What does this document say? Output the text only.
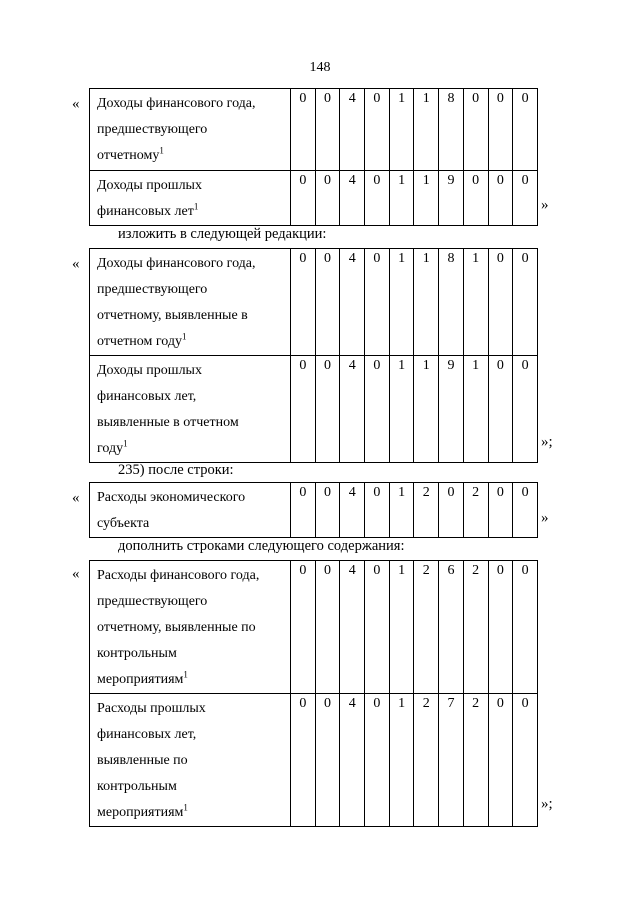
148
« Доходы финансового года,
предшествующего
отчетному$^1$	0	0	4	0	1	1	8	0	0	0
Доходы прошлых
финансовых лет$^1$	0	0	4	0	1	1	9	0	0	0
»
изложить в следующей редакции:
« Доходы финансового года,
предшествующего
отчетному, выявленные в
отчетном году$^1$	0	0	4	0	1	1	8	1	0	0
Доходы прошлых
финансовых лет,
выявленные в отчетном
году$^1$	0	0	4	0	1	1	9	1	0	0
»;
235) после строки:
« Расходы экономического
субъекта	0	0	4	0	1	2	0	2	0	0
»
дополнить строками следующего содержания:
« Расходы финансового года,
предшествующего
отчетному, выявленные по
контрольным
мероприятиям$^1$	0	0	4	0	1	2	6	2	0	0
Расходы прошлых
финансовых лет,
выявленные по
контрольным
мероприятиям$^1$	0	0	4	0	1	2	7	2	0	0
»;
